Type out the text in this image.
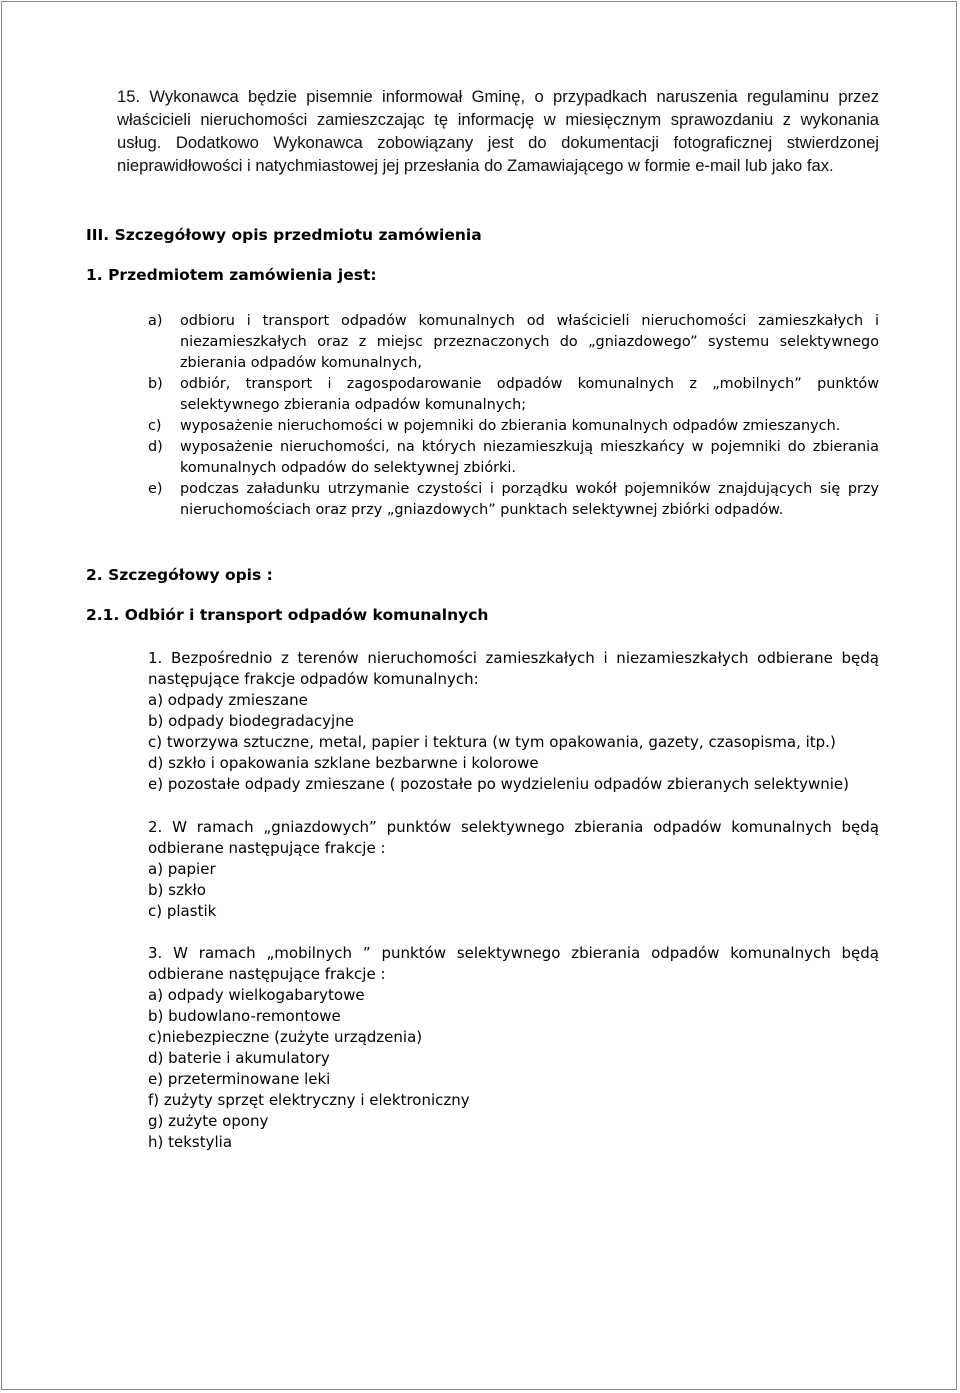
15. Wykonawca będzie pisemnie informował Gminę, o przypadkach naruszenia regulaminu przez właścicieli nieruchomości zamieszczając tę informację w miesięcznym sprawozdaniu z wykonania usług. Dodatkowo Wykonawca zobowiązany jest do dokumentacji fotograficznej stwierdzonej nieprawidłowości i natychmiastowej jej przesłania do Zamawiającego w formie e-mail lub jako fax.
III. Szczegółowy opis przedmiotu zamówienia
1. Przedmiotem zamówienia jest:
a)	odbioru i transport odpadów komunalnych od właścicieli nieruchomości zamieszkałych i niezamieszkałych oraz z miejsc przeznaczonych do „gniazdowego” systemu selektywnego zbierania odpadów komunalnych,
b)	odbiór, transport i zagospodarowanie odpadów komunalnych z „mobilnych” punktów selektywnego zbierania odpadów komunalnych;
c)	wyposażenie nieruchomości w pojemniki do zbierania komunalnych odpadów zmieszanych.
d)	wyposażenie nieruchomości, na których niezamieszkują mieszkańcy w pojemniki do zbierania komunalnych odpadów do selektywnej zbiórki.
e)	podczas załadunku utrzymanie czystości i porządku wokół pojemników znajdujących się przy nieruchomościach oraz przy „gniazdowych” punktach selektywnej zbiórki odpadów.
2. Szczegółowy opis :
2.1. Odbiór i transport odpadów komunalnych
1. Bezpośrednio z terenów nieruchomości zamieszkałych i niezamieszkałych odbierane będą następujące frakcje odpadów komunalnych:
a) odpady zmieszane
b) odpady biodegradacyjne
c) tworzywa sztuczne, metal, papier i tektura (w tym opakowania, gazety, czasopisma, itp.)
d) szkło i opakowania szklane bezbarwne i kolorowe
e) pozostałe odpady zmieszane ( pozostałe po wydzieleniu odpadów zbieranych selektywnie)
2. W ramach „gniazdowych” punktów selektywnego zbierania odpadów komunalnych będą odbierane następujące frakcje :
a) papier
b) szkło
c) plastik
3. W ramach „mobilnych ” punktów selektywnego zbierania odpadów komunalnych będą odbierane następujące frakcje :
a) odpady wielkogabarytowe
b) budowlano-remontowe
c)niebezpieczne (zużyte urządzenia)
d) baterie i akumulatory
e) przeterminowane leki
f) zużyty sprzęt elektryczny i elektroniczny
g) zużyte opony
h) tekstylia
